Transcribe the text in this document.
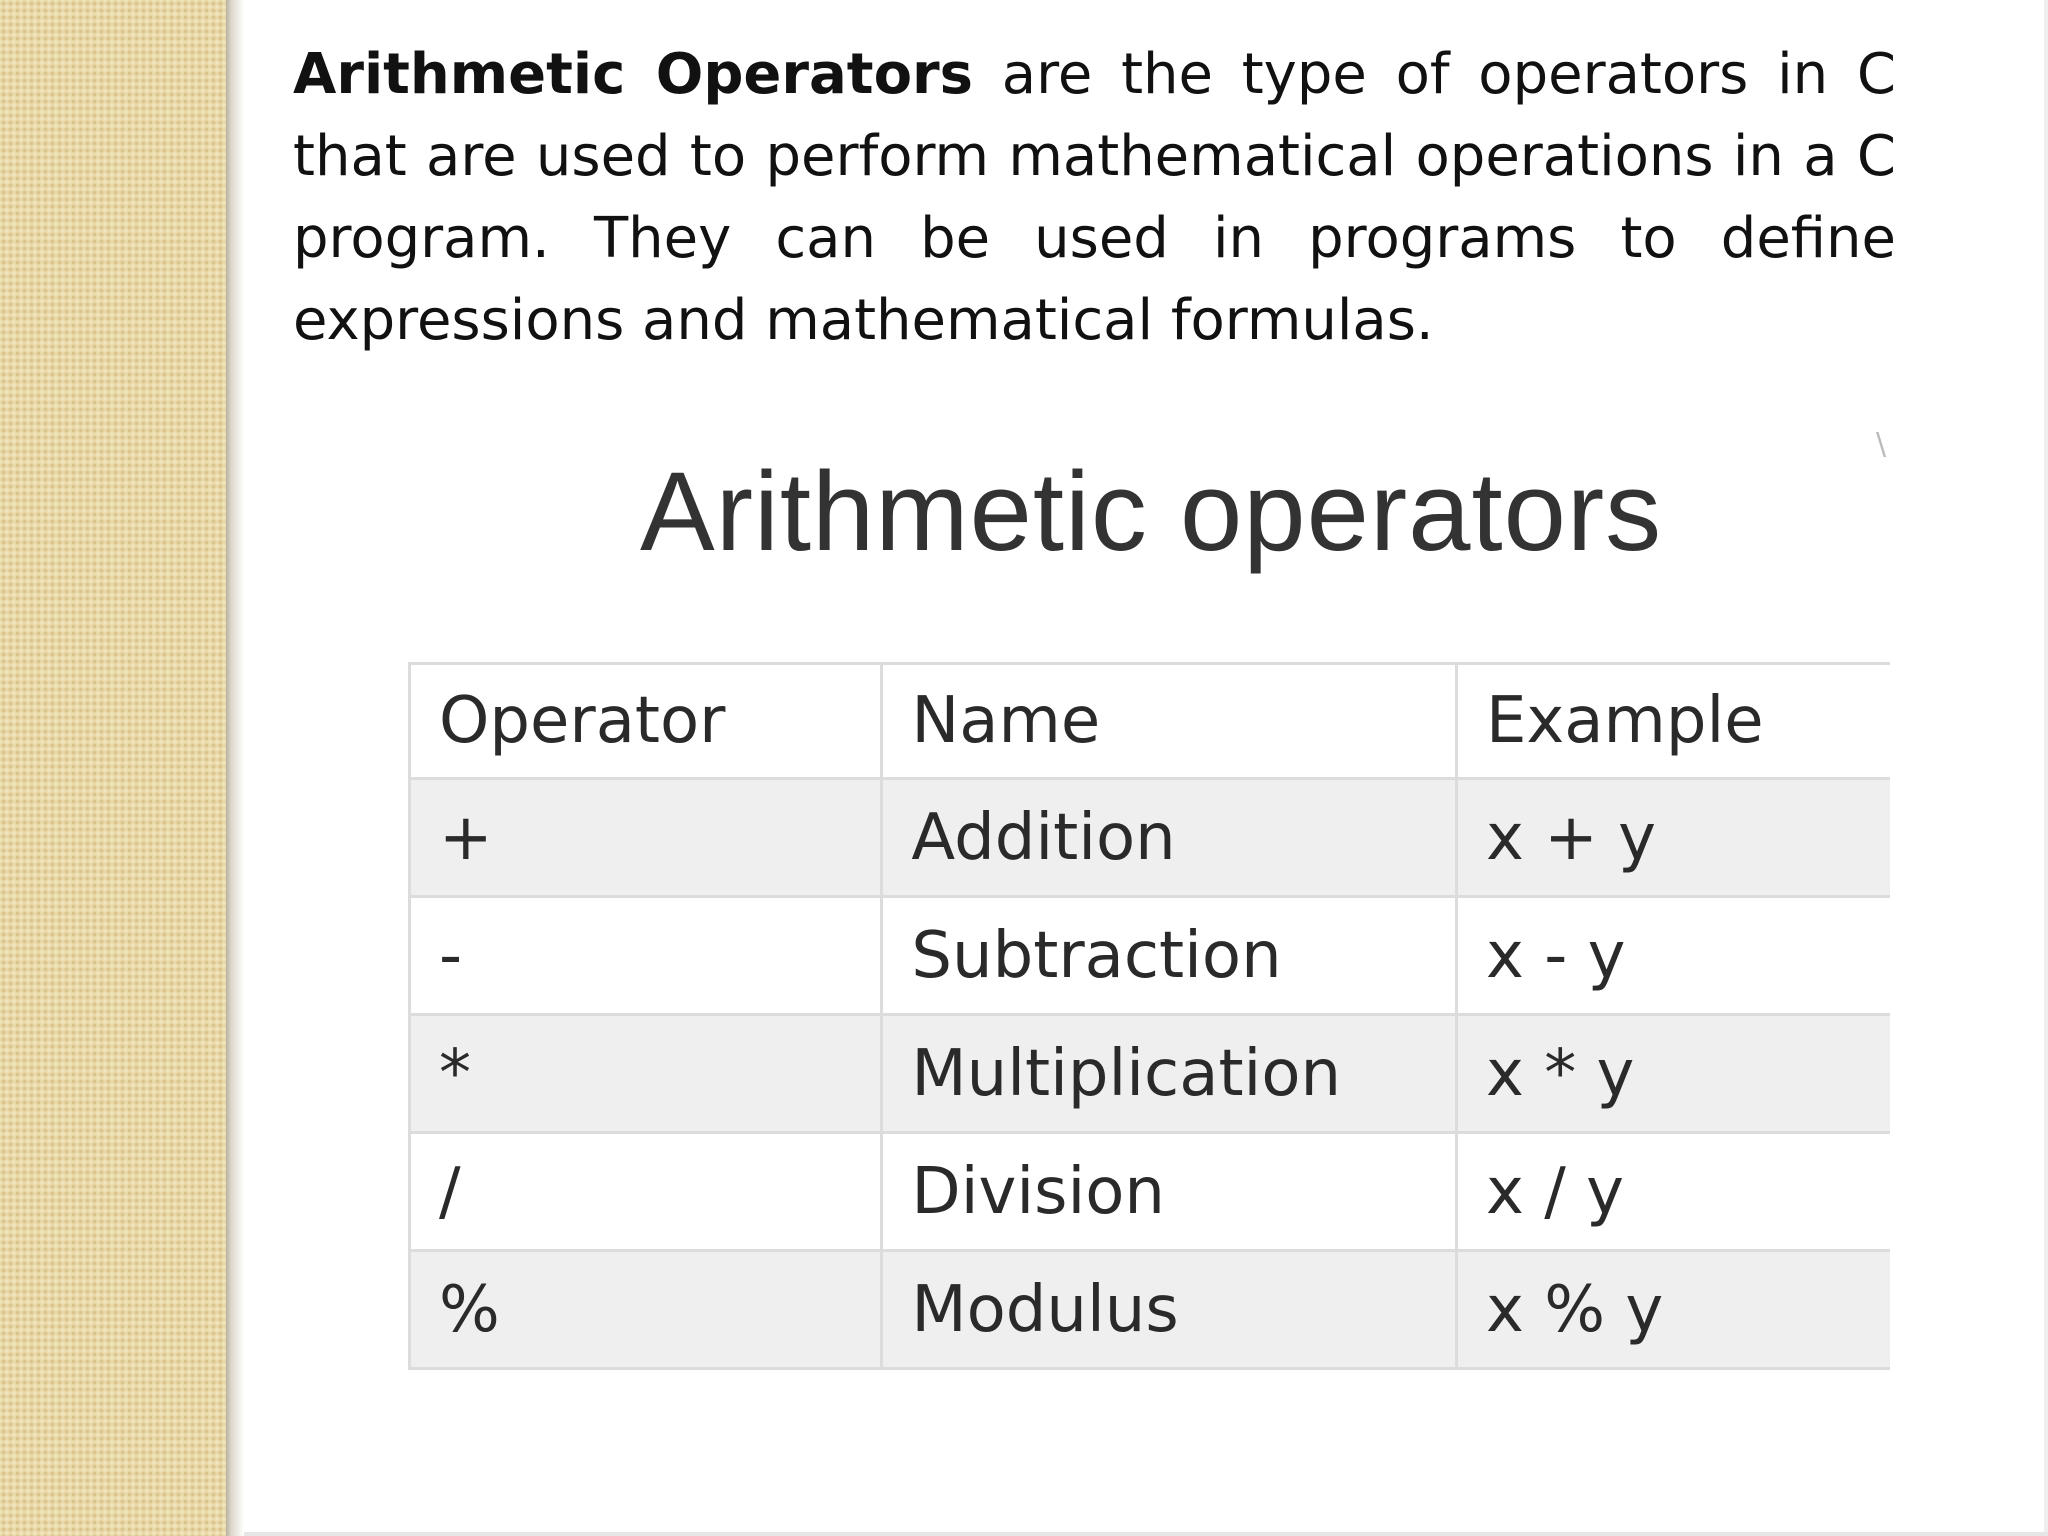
Arithmetic Operators are the type of operators in C that are used to perform mathematical operations in a C program. They can be used in programs to define expressions and mathematical formulas.

Arithmetic operators
\
Operator	Name	Example
+	Addition	x + y
-	Subtraction	x - y
*	Multiplication	x * y
/	Division	x / y
%	Modulus	x % y
